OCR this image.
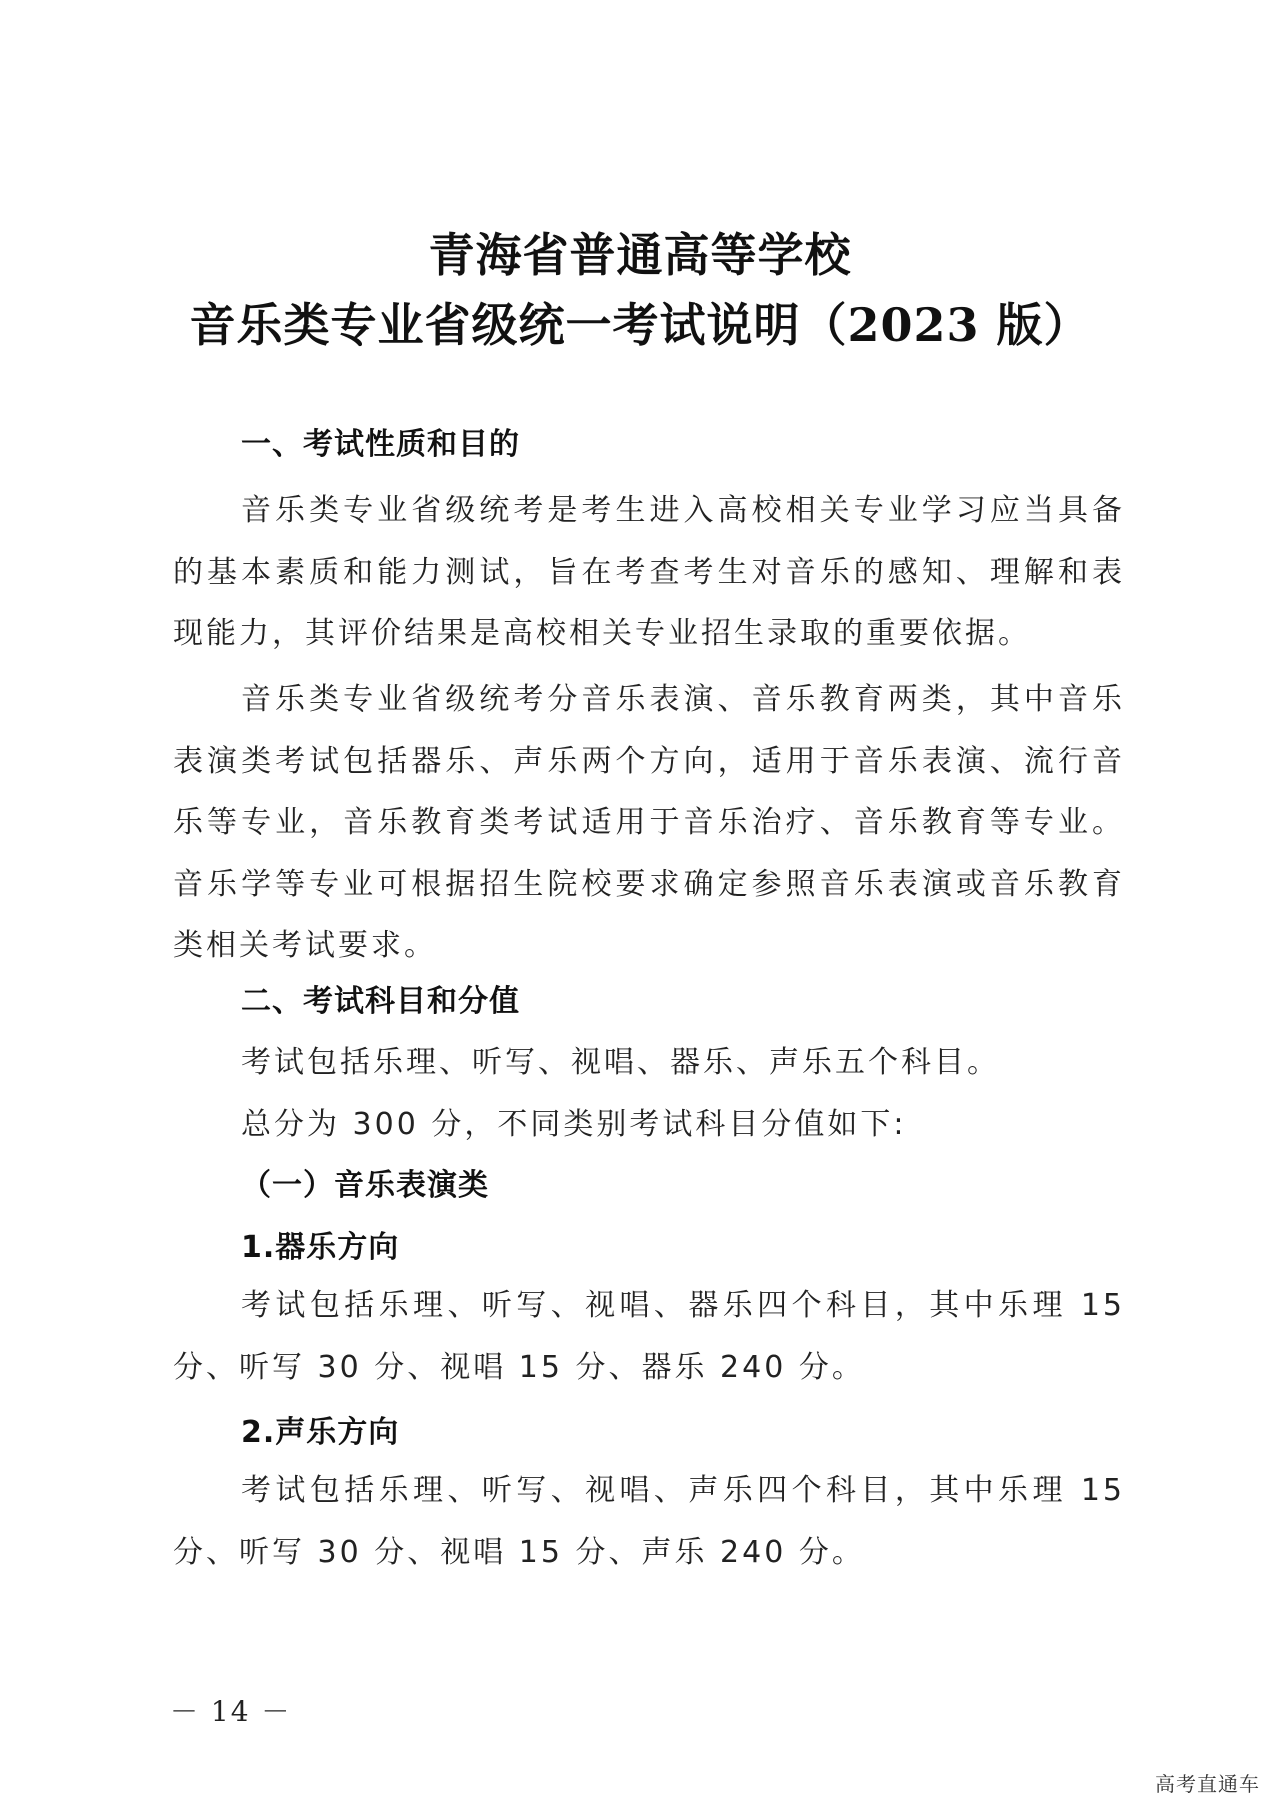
青海省普通高等学校
音乐类专业省级统一考试说明（2023 版）
一、考试性质和目的
音乐类专业省级统考是考生进入高校相关专业学习应当具备的基本素质和能力测试，旨在考查考生对音乐的感知、理解和表现能力，其评价结果是高校相关专业招生录取的重要依据。
音乐类专业省级统考分音乐表演、音乐教育两类，其中音乐表演类考试包括器乐、声乐两个方向，适用于音乐表演、流行音乐等专业，音乐教育类考试适用于音乐治疗、音乐教育等专业。音乐学等专业可根据招生院校要求确定参照音乐表演或音乐教育类相关考试要求。
二、考试科目和分值
考试包括乐理、听写、视唱、器乐、声乐五个科目。
总分为 300 分，不同类别考试科目分值如下:
（一）音乐表演类
1.器乐方向
考试包括乐理、听写、视唱、器乐四个科目，其中乐理 15 分、听写 30 分、视唱 15 分、器乐 240 分。
2.声乐方向
考试包括乐理、听写、视唱、声乐四个科目，其中乐理 15 分、听写 30 分、视唱 15 分、声乐 240 分。
－ 14 －
高考直通车
